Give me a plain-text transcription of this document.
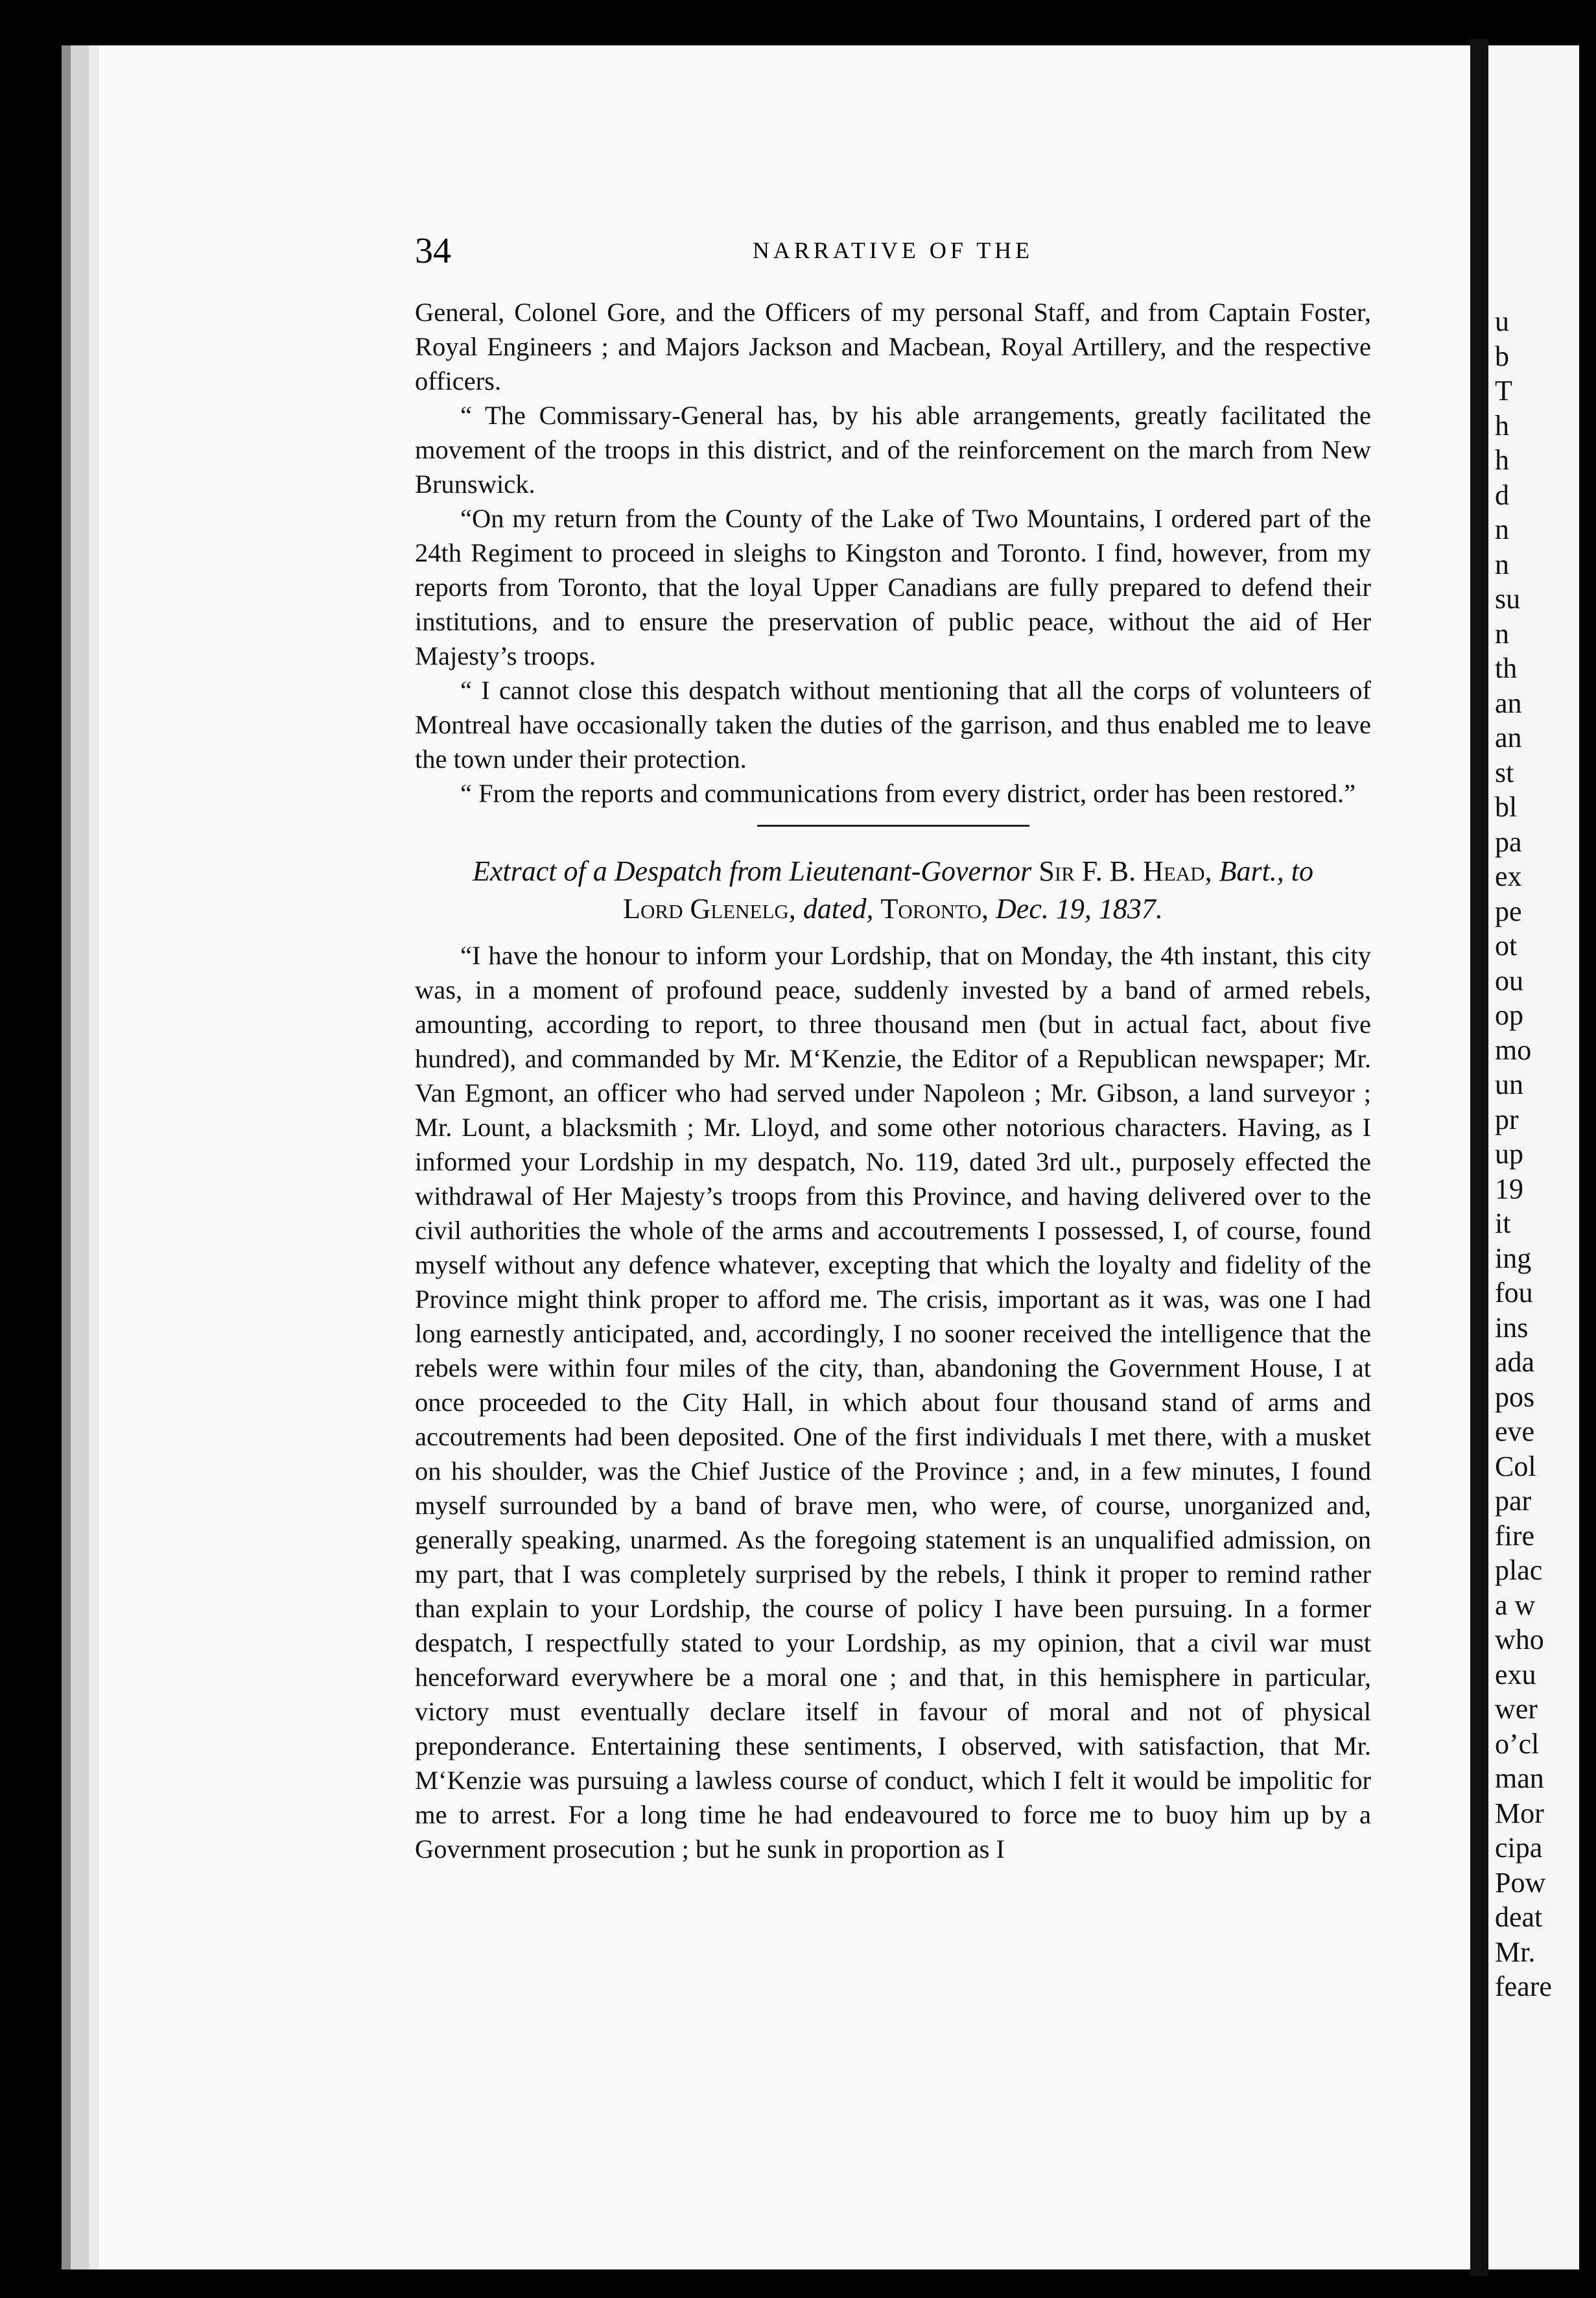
u
b
T
h
h
d
n
n
su
n
th
an
an
st
bl
pa
ex
pe
ot
ou
op
mo
un
pr
up
19
it
ing
fou
ins
ada
pos
eve
Col
par
fire
plac
a w
who
exu
wer
o’cl
man
Mor
cipa
Pow
deat
Mr.
feare
34	NARRATIVE OF THE

General, Colonel Gore, and the Officers of my personal Staff, and from Captain Foster, Royal Engineers ; and Majors Jackson and Macbean, Royal Artillery, and the respective officers.

“ The Commissary-General has, by his able arrangements, greatly facilitated the movement of the troops in this district, and of the reinforcement on the march from New Brunswick.

“On my return from the County of the Lake of Two Mountains, I ordered part of the 24th Regiment to proceed in sleighs to Kingston and Toronto. I find, however, from my reports from Toronto, that the loyal Upper Canadians are fully prepared to defend their institutions, and to ensure the preservation of public peace, without the aid of Her Majesty’s troops.

“ I cannot close this despatch without mentioning that all the corps of volunteers of Montreal have occasionally taken the duties of the garrison, and thus enabled me to leave the town under their protection.

“ From the reports and communications from every district, order has been restored.”

Extract of a Despatch from Lieutenant-Governor Sir F. B. Head, Bart., to
Lord Glenelg, dated, Toronto, Dec. 19, 1837.

“I have the honour to inform your Lordship, that on Monday, the 4th instant, this city was, in a moment of profound peace, suddenly invested by a band of armed rebels, amounting, according to report, to three thousand men (but in actual fact, about five hundred), and commanded by Mr. M‘Kenzie, the Editor of a Republican newspaper; Mr. Van Egmont, an officer who had served under Napoleon ; Mr. Gibson, a land surveyor ; Mr. Lount, a blacksmith ; Mr. Lloyd, and some other notorious characters. Having, as I informed your Lordship in my despatch, No. 119, dated 3rd ult., purposely effected the withdrawal of Her Majesty’s troops from this Province, and having delivered over to the civil authorities the whole of the arms and accoutrements I possessed, I, of course, found myself without any defence whatever, excepting that which the loyalty and fidelity of the Province might think proper to afford me. The crisis, important as it was, was one I had long earnestly anticipated, and, accordingly, I no sooner received the intelligence that the rebels were within four miles of the city, than, abandoning the Government House, I at once proceeded to the City Hall, in which about four thousand stand of arms and accoutrements had been deposited. One of the first individuals I met there, with a musket on his shoulder, was the Chief Justice of the Province ; and, in a few minutes, I found myself surrounded by a band of brave men, who were, of course, unorganized and, generally speaking, unarmed. As the foregoing statement is an unqualified admission, on my part, that I was completely surprised by the rebels, I think it proper to remind rather than explain to your Lordship, the course of policy I have been pursuing. In a former despatch, I respectfully stated to your Lordship, as my opinion, that a civil war must henceforward everywhere be a moral one ; and that, in this hemisphere in particular, victory must eventually declare itself in favour of moral and not of physical preponderance. Entertaining these sentiments, I observed, with satisfaction, that Mr. M‘Kenzie was pursuing a lawless course of conduct, which I felt it would be impolitic for me to arrest. For a long time he had endeavoured to force me to buoy him up by a Government prosecution ; but he sunk in proportion as I
